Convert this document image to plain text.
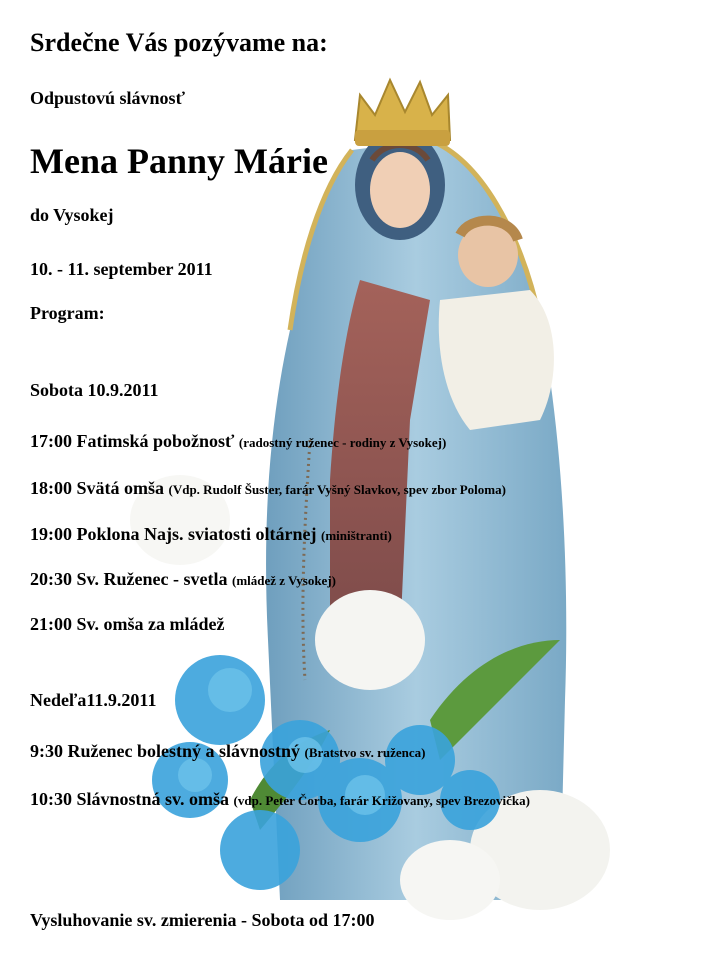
Srdečne Vás pozývame na:
Odpustovú slávnosť
Mena Panny Márie
do Vysokej
10. - 11. september 2011
Program:
Sobota 10.9.2011
17:00 Fatimská pobožnosť (radostný ruženec - rodiny z Vysokej)
18:00 Svätá omša (Vdp. Rudolf Šuster, farár Vyšný Slavkov, spev zbor Poloma)
19:00 Poklona Najs. sviatosti oltárnej (miništranti)
20:30 Sv. Ruženec - svetla (mládež z Vysokej)
21:00 Sv. omša za mládež
Nedeľa11.9.2011
9:30 Ruženec bolestný a slávnostný (Bratstvo sv. ruženca)
10:30 Slávnostná sv. omša (vdp. Peter Čorba, farár Križovany, spev Brezovička)
Vysluhovanie sv. zmierenia - Sobota od 17:00
